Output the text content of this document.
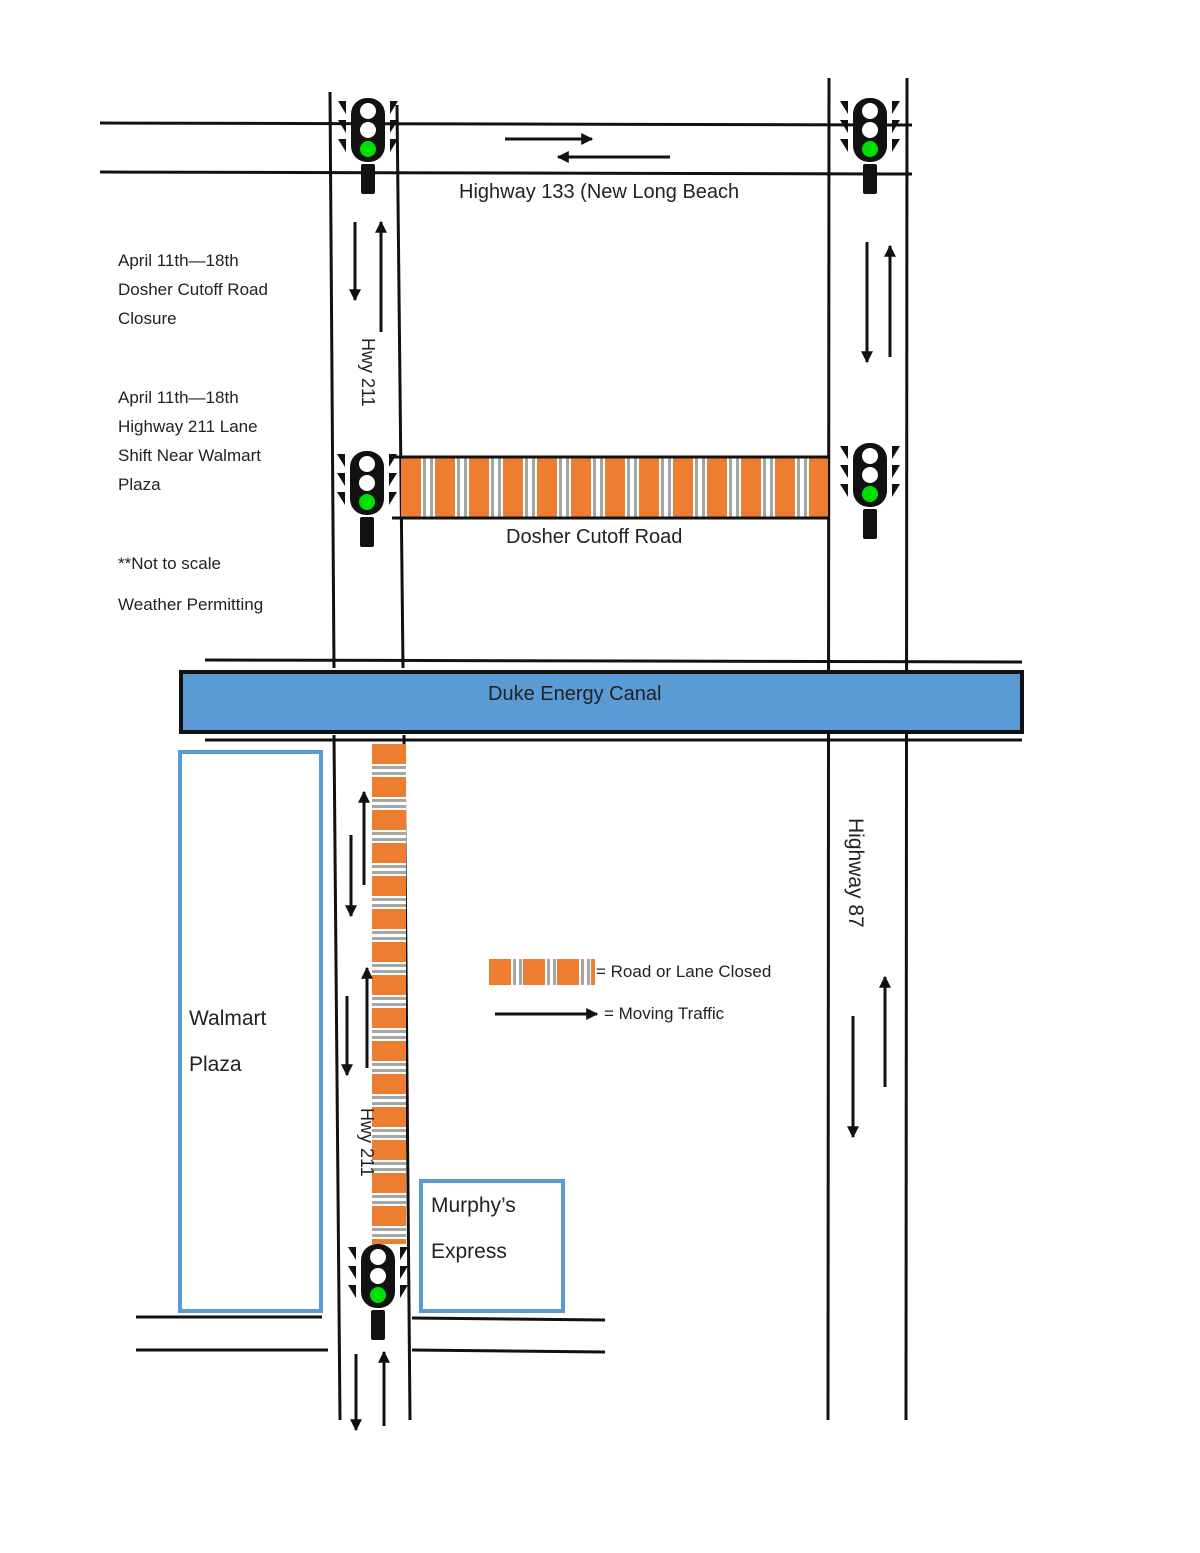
Highway 133 (New Long Beach
Hwy 211
Dosher Cutoff Road
Duke Energy Canal
Highway 87
Hwy 211
April 11th—18th
Dosher Cutoff Road
Closure
April 11th—18th
Highway 211 Lane
Shift Near Walmart
Plaza
**Not to scale
Weather Permitting
Walmart
Plaza
Murphy’s
Express
= Road or Lane Closed
= Moving Traffic
